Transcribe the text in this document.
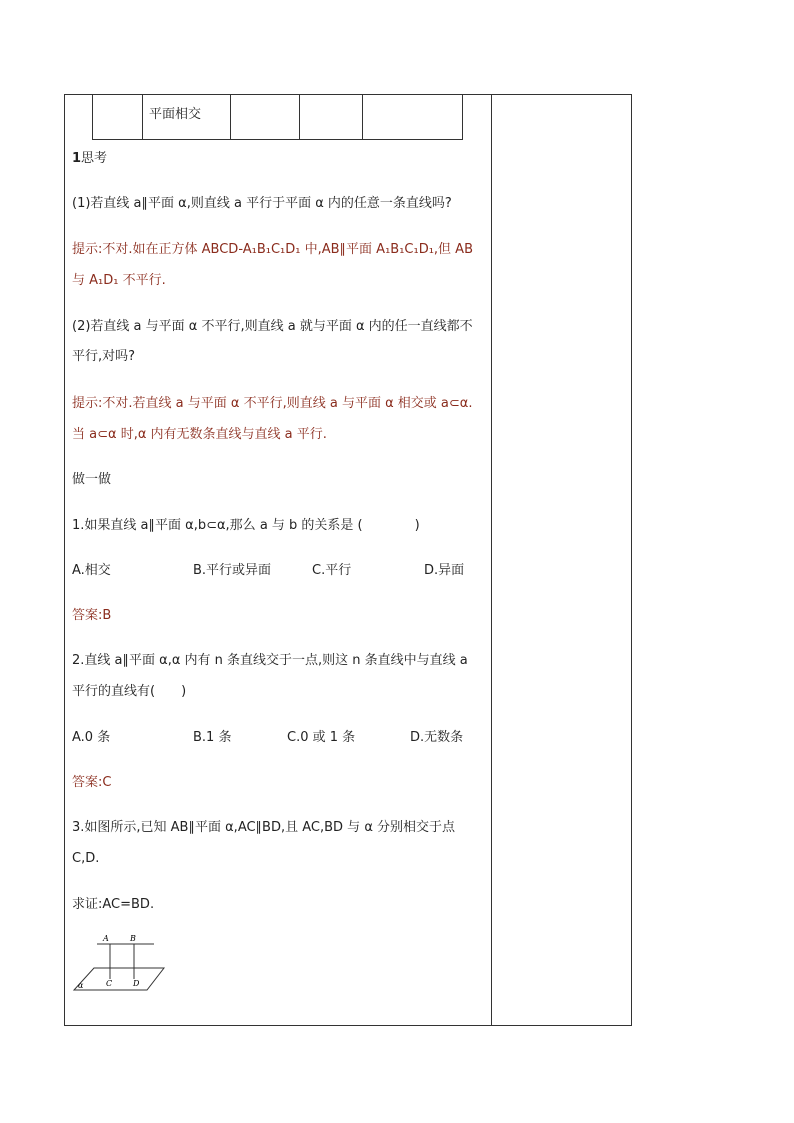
平面相交
1思考
(1)若直线 a∥平面 α,则直线 a 平行于平面 α 内的任意一条直线吗?
提示:不对.如在正方体 ABCD-A₁B₁C₁D₁ 中,AB∥平面 A₁B₁C₁D₁,但 AB
与 A₁D₁ 不平行.
(2)若直线 a 与平面 α 不平行,则直线 a 就与平面 α 内的任一直线都不
平行,对吗?
提示:不对.若直线 a 与平面 α 不平行,则直线 a 与平面 α 相交或 a⊂α.
当 a⊂α 时,α 内有无数条直线与直线 a 平行.
做一做
1.如果直线 a∥平面 α,b⊂α,那么 a 与 b 的关系是 (　　　　)
A.相交	B.平行或异面	C.平行	D.异面
答案:B
2.直线 a∥平面 α,α 内有 n 条直线交于一点,则这 n 条直线中与直线 a
平行的直线有(　　)
A.0 条	B.1 条	C.0 或 1 条	D.无数条
答案:C
3.如图所示,已知 AB∥平面 α,AC∥BD,且 AC,BD 与 α 分别相交于点
C,D.
求证:AC=BD.
A	B
C	D
α
